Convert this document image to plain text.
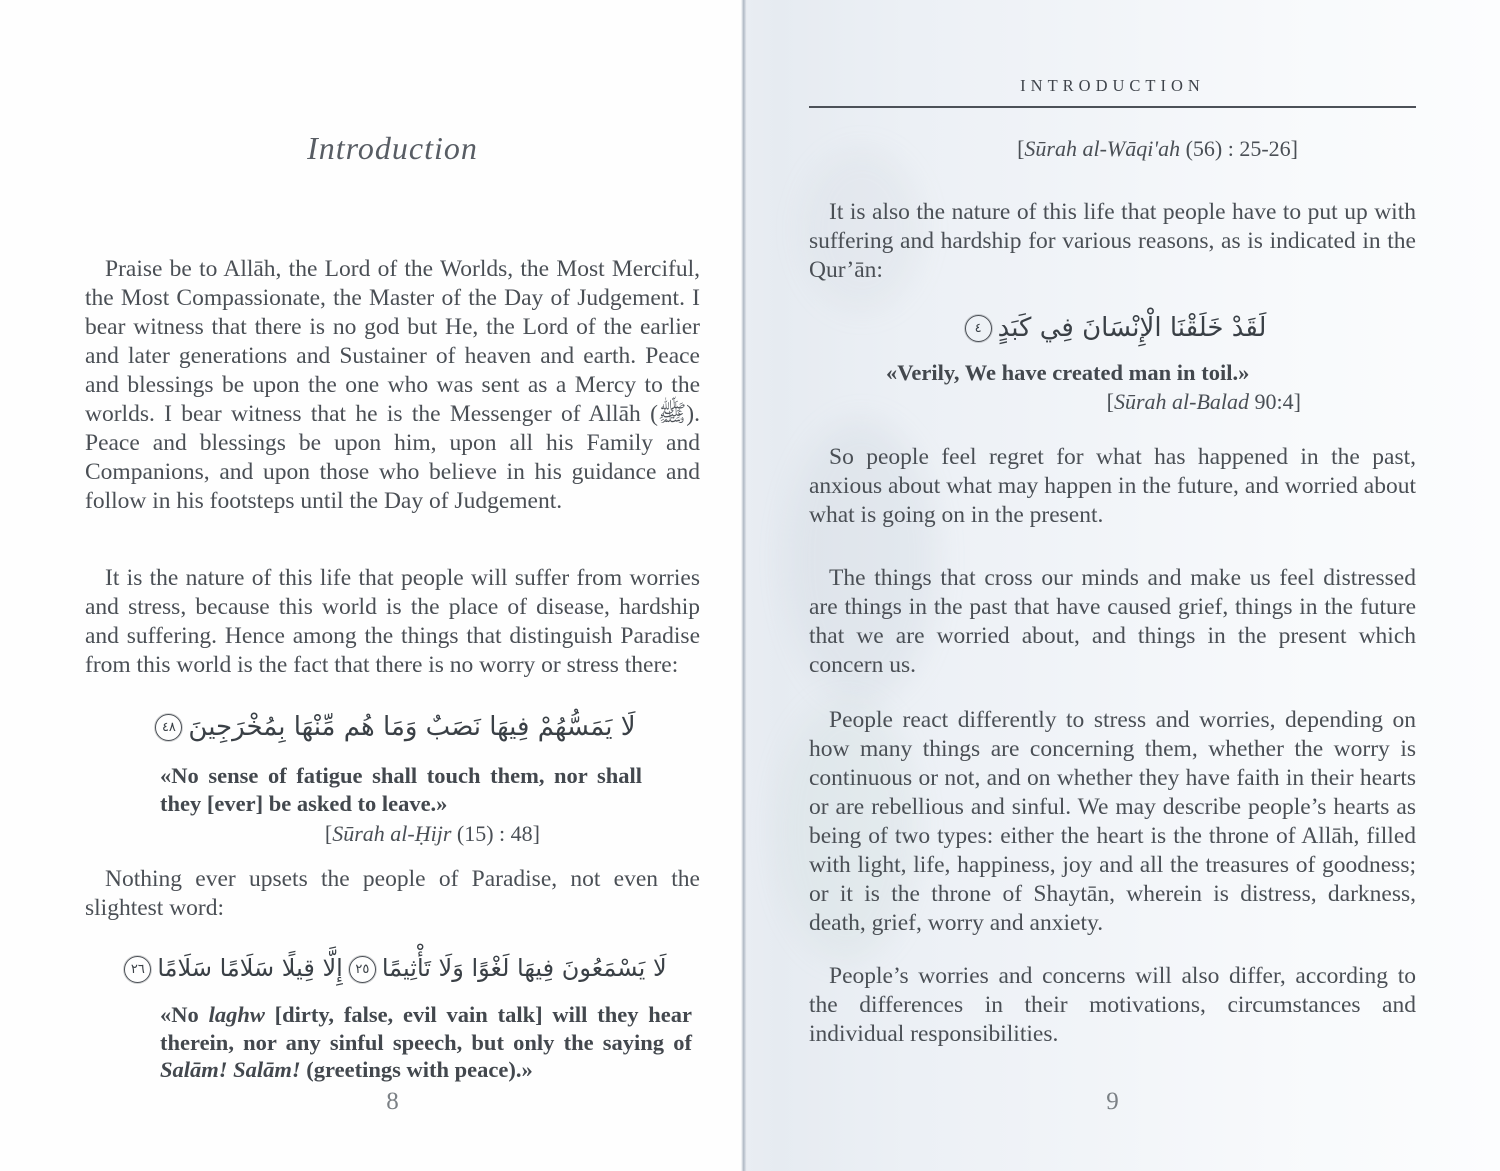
Introduction

Praise be to Allāh, the Lord of the Worlds, the Most Merciful, the Most Compassionate, the Master of the Day of Judgement. I bear witness that there is no god but He, the Lord of the earlier and later generations and Sustainer of heaven and earth. Peace and blessings be upon the one who was sent as a Mercy to the worlds. I bear witness that he is the Messenger of Allāh (ﷺ). Peace and blessings be upon him, upon all his Family and Companions, and upon those who believe in his guidance and follow in his footsteps until the Day of Judgement.

It is the nature of this life that people will suffer from worries and stress, because this world is the place of disease, hardship and suffering. Hence among the things that distinguish Paradise from this world is the fact that there is no worry or stress there:

لَا يَمَسُّهُمْ فِيهَا نَصَبٌ وَمَا هُم مِّنْهَا بِمُخْرَجِينَ٤٨

«No sense of fatigue shall touch them, nor shall they [ever] be asked to leave.»

[Sūrah al-Ḥijr (15) : 48]

Nothing ever upsets the people of Paradise, not even the slightest word:

لَا يَسْمَعُونَ فِيهَا لَغْوًا وَلَا تَأْثِيمًا٢٥إِلَّا قِيلًا سَلَامًا سَلَامًا٢٦

«No laghw [dirty, false, evil vain talk] will they hear therein, nor any sinful speech, but only the saying of Salām! Salām! (greetings with peace).»

8
INTRODUCTION

[Sūrah al-Wāqi'ah (56) : 25-26]

It is also the nature of this life that people have to put up with suffering and hardship for various reasons, as is indicated in the Qur’ān:

لَقَدْ خَلَقْنَا الْإِنْسَانَ فِي كَبَدٍ٤

«Verily, We have created man in toil.»

[Sūrah al-Balad 90:4]

So people feel regret for what has happened in the past, anxious about what may happen in the future, and worried about what is going on in the present.

The things that cross our minds and make us feel distressed are things in the past that have caused grief, things in the future that we are worried about, and things in the present which concern us.

People react differently to stress and worries, depending on how many things are concerning them, whether the worry is continuous or not, and on whether they have faith in their hearts or are rebellious and sinful. We may describe people’s hearts as being of two types: either the heart is the throne of Allāh, filled with light, life, happiness, joy and all the treasures of goodness; or it is the throne of Shaytān, wherein is distress, darkness, death, grief, worry and anxiety.

People’s worries and concerns will also differ, according to the differences in their motivations, circumstances and individual responsibilities.

9
